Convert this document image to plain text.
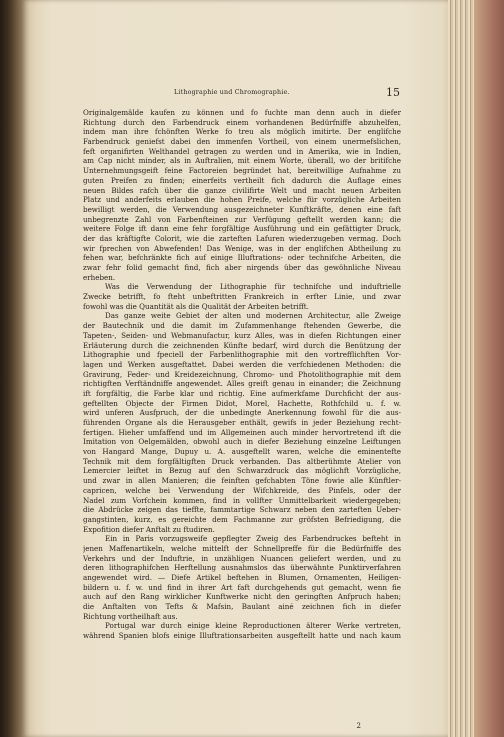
Lithographie und Chromographie.	15
Originalgemälde kaufen zu können und fo fuchte man denn auch in diefer
Richtung durch den Farbendruck einem vorhandenen Bedürfniffe abzuhelfen,
indem man ihre fchönften Werke fo treu als möglich imitirte. Der englifche
Farbendruck geniefst dabei den immenfen Vortheil, von einem unermefslichen,
feft organifirten Welthandel getragen zu werden und in Amerika, wie in Indien,
am Cap nicht minder, als in Auftralien, mit einem Worte, überall, wo der britifche
Unternehmungsgeift feine Factoreien begründet hat, bereitwillige Aufnahme zu
guten Preifen zu finden; einerfeits vertheilt fich dadurch die Auflage eines
neuen Bildes rafch über die ganze civilifirte Welt und macht neuen Arbeiten
Platz und anderfeits erlauben die hohen Preife, welche für vorzügliche Arbeiten
bewilligt werden, die Verwendung ausgezeichneter Kunftkräfte, denen eine faft
unbegrenzte Zahl von Farbenfteinen zur Verfügung geftellt werden kann; die
weitere Folge ift dann eine fehr forgfältige Ausführung und ein gefättigter Druck,
der das kräftigfte Colorit, wie die zarteften Lafuren wiederzugeben vermag. Doch
wir fprechen von Abwefenden! Das Wenige, was in der englifchen Abtheilung zu
fehen war, befchränkte fich auf einige Illuftrations- oder technifche Arbeiten, die
zwar fehr folid gemacht find, fich aber nirgends über das gewöhnliche Niveau
erheben.
Was die Verwendung der Lithographie für technifche und induftrielle
Zwecke betrifft, fo fteht unbeftritten Frankreich in erfter Linie, und zwar
fowohl was die Quantität als die Qualität der Arbeiten betrifft.
Das ganze weite Gebiet der alten und modernen Architectur, alle Zweige
der Bautechnik und die damit im Zufammenhange ftehenden Gewerbe, die
Tapeten-, Seiden- und Webmanufactur, kurz Alles, was in diefen Richtungen einer
Erläuterung durch die zeichnenden Künfte bedarf, wird durch die Benützung der
Lithographie und fpeciell der Farbenlithographie mit den vortrefflichften Vor-
lagen und Werken ausgeftattet. Dabei werden die verfchiedenen Methoden: die
Gravirung, Feder- und Kreidezeichnung, Chromo- und Photolithographie mit dem
richtigften Verftändniffe angewendet. Alles greift genau in einander; die Zeichnung
ift forgfältig, die Farbe klar und richtig. Eine aufmerkfame Durchficht der aus-
geftellten Objecte der Firmen Didot, Morel, Hachette, Rothfchild u. f. w.
wird unferen Ausfpruch, der die unbedingte Anerkennung fowohl für die aus-
führenden Organe als die Herausgeber enthält, gewifs in jeder Beziehung recht-
fertigen. Hieher umfaffend und im Allgemeinen auch minder hervortretend ift die
Imitation von Oelgemälden, obwohl auch in diefer Beziehung einzelne Leiftungen
von Hangard Mange, Dupuy u. A. ausgeftellt waren, welche die eminentefte
Technik mit dem forgfältigften Druck verbanden. Das altberühmte Atelier von
Lemercier leiftet in Bezug auf den Schwarzdruck das möglichft Vorzügliche,
und zwar in allen Manieren; die feinften gefchabten Töne fowie alle Künftler-
capricen, welche bei Verwendung der Wifchkreide, des Pinfels, oder der
Nadel zum Vorfchein kommen, find in vollfter Unmittelbarkeit wiedergegeben;
die Abdrücke zeigen das tieffte, fammtartige Schwarz neben den zarteften Ueber-
gangstinten, kurz, es gereichte dem Fachmanne zur gröfsten Befriedigung, die
Expofition diefer Anftalt zu ftudiren.
Ein in Paris vorzugsweife gepflegter Zweig des Farbendruckes befteht in
jenen Maffenartikeln, welche mittelft der Schnellpreffe für die Bedürfniffe des
Verkehrs und der Induftrie, in unzähligen Nuancen geliefert werden, und zu
deren lithographifchen Herftellung ausnahmslos das überwähnte Punktirverfahren
angewendet wird. — Diefe Artikel beftehen in Blumen, Ornamenten, Heiligen-
bildern u. f. w. und find in ihrer Art faft durchgehends gut gemacht, wenn fie
auch auf den Rang wirklicher Kunftwerke nicht den geringften Anfpruch haben;
die Anftalten von Tefts & Mafsin, Baulant ainé zeichnen fich in diefer
Richtung vortheilhaft aus.
Portugal war durch einige kleine Reproductionen älterer Werke vertreten,
während Spanien blofs einige Illuftrationsarbeiten ausgeftellt hatte und nach kaum
2
